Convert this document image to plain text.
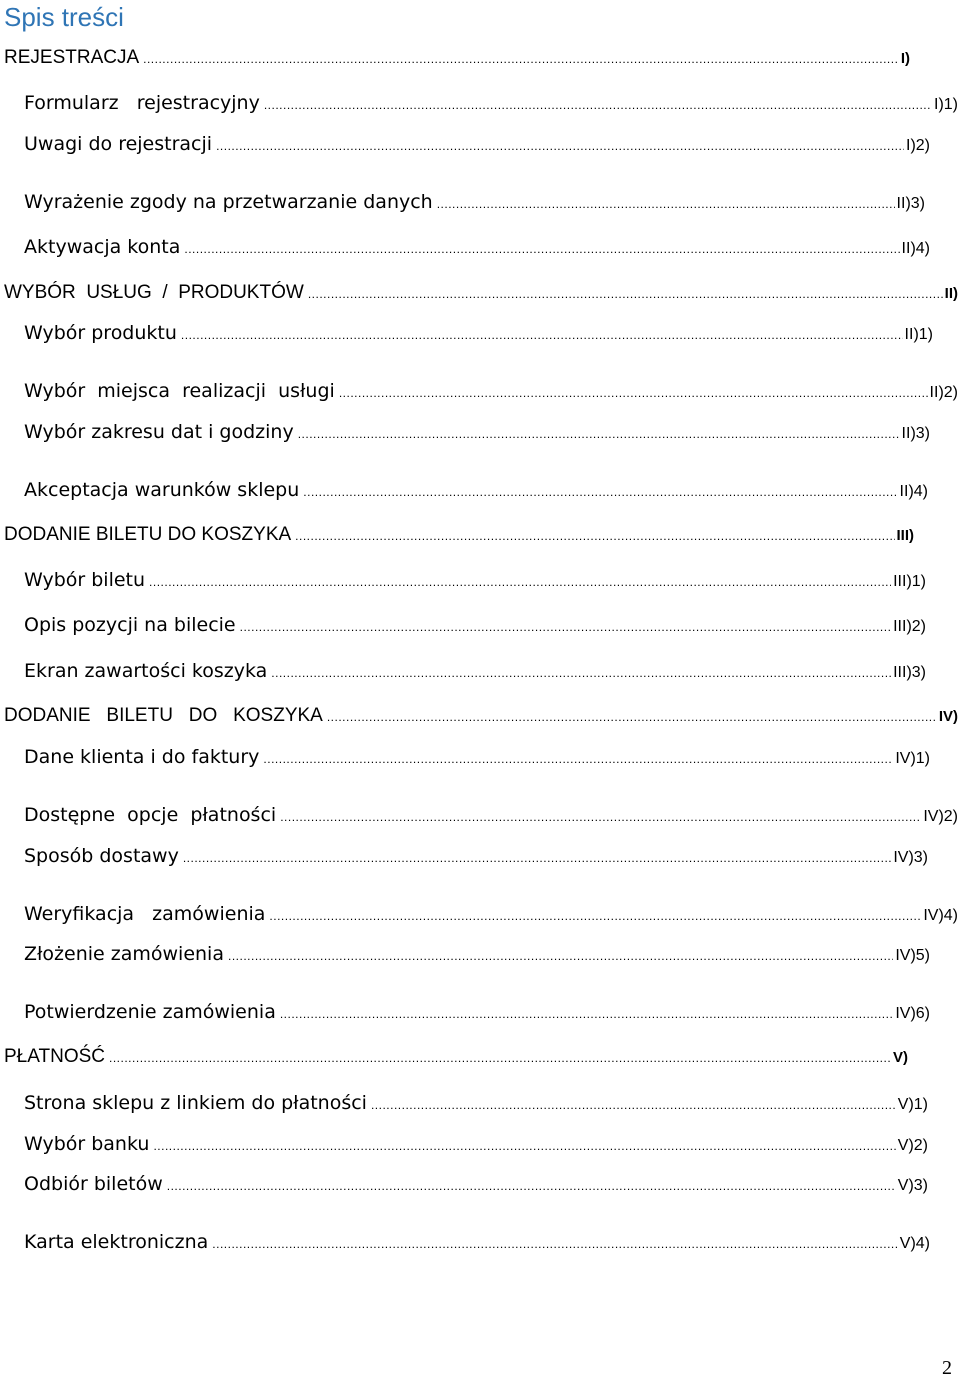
Spis treści
REJESTRACJA .....	I)
Formularz   rejestracyjny .....	I)1)
Uwagi do rejestracji .....	I)2)
Wyrażenie zgody na przetwarzanie danych .....	II)3)
Aktywacja konta .....	II)4)
WYBÓR  USŁUG  /  PRODUKTÓW .....	II)
Wybór produktu .....	II)1)
Wybór  miejsca  realizacji  usługi .....	II)2)
Wybór zakresu dat i godziny .....	II)3)
Akceptacja warunków sklepu .....	II)4)
DODANIE BILETU DO KOSZYKA .....	III)
Wybór biletu .....	III)1)
Opis pozycji na bilecie .....	III)2)
Ekran zawartości koszyka .....	III)3)
DODANIE   BILETU   DO   KOSZYKA .....	IV)
Dane klienta i do faktury .....	IV)1)
Dostępne  opcje  płatności .....	IV)2)
Sposób dostawy .....	IV)3)
Weryfikacja   zamówienia .....	IV)4)
Złożenie zamówienia .....	IV)5)
Potwierdzenie zamówienia .....	IV)6)
PŁATNOŚĆ .....	V)
Strona sklepu z linkiem do płatności .....	V)1)
Wybór banku .....	V)2)
Odbiór biletów .....	V)3)
Karta elektroniczna .....	V)4)
2
